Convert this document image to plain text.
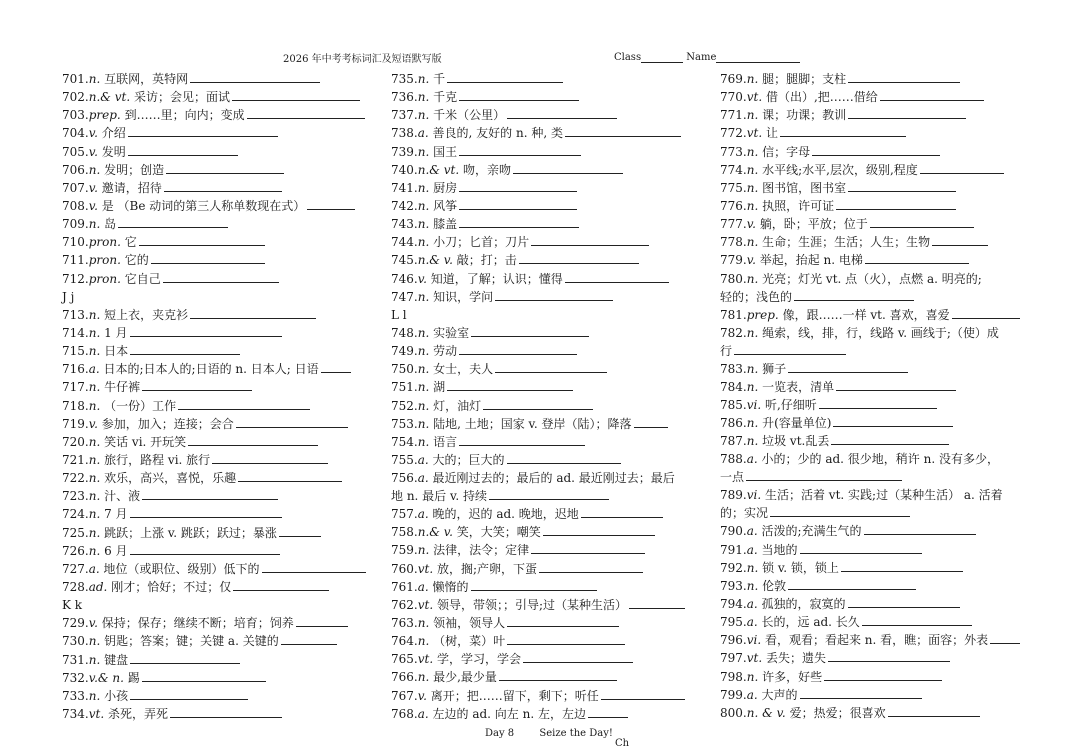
2026 年中考考标词汇及短语默写版	Class	Name
701.n. 互联网，英特网
702.n.& vt. 采访；会见；面试
703.prep. 到……里；向内；变成
704.v. 介绍
705.v. 发明
706.n. 发明；创造
707.v. 邀请，招待
708.v. 是 （Be 动词的第三人称单数现在式）
709.n. 岛
710.pron. 它
711.pron. 它的
712.pron. 它自己
J j
713.n. 短上衣，夹克衫
714.n. 1 月
715.n. 日本
716.a. 日本的;日本人的;日语的 n. 日本人; 日语
717.n. 牛仔裤
718.n. （一份）工作
719.v. 参加，加入；连接；会合
720.n. 笑话 vi. 开玩笑
721.n. 旅行，路程 vi. 旅行
722.n. 欢乐，高兴，喜悦，乐趣
723.n. 汁、液
724.n. 7 月
725.n. 跳跃；上涨 v. 跳跃；跃过；暴涨
726.n. 6 月
727.a. 地位（或职位、级别）低下的
728.ad. 刚才；恰好；不过；仅
K k
729.v. 保持；保存；继续不断；培育；饲养
730.n. 钥匙；答案；键；关键 a. 关键的
731.n. 键盘
732.v.& n. 踢
733.n. 小孩
734.vt. 杀死，弄死
735.n. 千
736.n. 千克
737.n. 千米（公里）
738.a. 善良的, 友好的 n. 种, 类
739.n. 国王
740.n.& vt. 吻，亲吻
741.n. 厨房
742.n. 风筝
743.n. 膝盖
744.n. 小刀；匕首；刀片
745.n.& v. 敲；打；击
746.v. 知道，了解；认识；懂得
747.n. 知识，学问
L l
748.n. 实验室
749.n. 劳动
750.n. 女士，夫人
751.n. 湖
752.n. 灯，油灯
753.n. 陆地, 土地；国家 v. 登岸（陆）；降落
754.n. 语言
755.a. 大的；巨大的
756.a. 最近刚过去的；最后的 ad. 最近刚过去；最后
地 n. 最后 v. 持续
757.a. 晚的，迟的 ad. 晚地，迟地
758.n.& v. 笑，大笑；嘲笑
759.n. 法律，法令；定律
760.vt. 放，搁;产卵，下蛋
761.a. 懒惰的
762.vt. 领导，带领；；引导;过（某种生活）
763.n. 领袖，领导人
764.n. （树，菜）叶
765.vt. 学，学习，学会
766.n. 最少,最少量
767.v. 离开；把……留下，剩下；听任
768.a. 左边的 ad. 向左 n. 左，左边
769.n. 腿；腿脚；支柱
770.vt. 借（出）,把……借给
771.n. 课；功课；教训
772.vt. 让
773.n. 信；字母
774.n. 水平线;水平,层次，级别,程度
775.n. 图书馆，图书室
776.n. 执照，许可证
777.v. 躺，卧；平放；位于
778.n. 生命；生涯；生活；人生；生物
779.v. 举起，抬起 n. 电梯
780.n. 光亮；灯光 vt. 点（火），点燃 a. 明亮的;
轻的；浅色的
781.prep. 像，跟……一样 vt. 喜欢，喜爱
782.n. 绳索，线，排，行，线路 v. 画线于;（使）成
行
783.n. 狮子
784.n. 一览表，清单
785.vi. 听,仔细听
786.n. 升(容量单位)
787.n. 垃圾 vt.乱丢
788.a. 小的；少的 ad. 很少地，稍许 n. 没有多少，
一点
789.vi. 生活；活着 vt. 实践;过（某种生活） a. 活着
的；实况
790.a. 活泼的;充满生气的
791.a. 当地的
792.n. 锁 v. 锁，锁上
793.n. 伦敦
794.a. 孤独的，寂寞的
795.a. 长的，远 ad. 长久
796.vi. 看，观看；看起来 n. 看，瞧；面容；外表
797.vt. 丢失；遗失
798.n. 许多，好些
799.a. 大声的
800.n. & v. 爱；热爱；很喜欢
Day 8	Seize the Day!
Ch
